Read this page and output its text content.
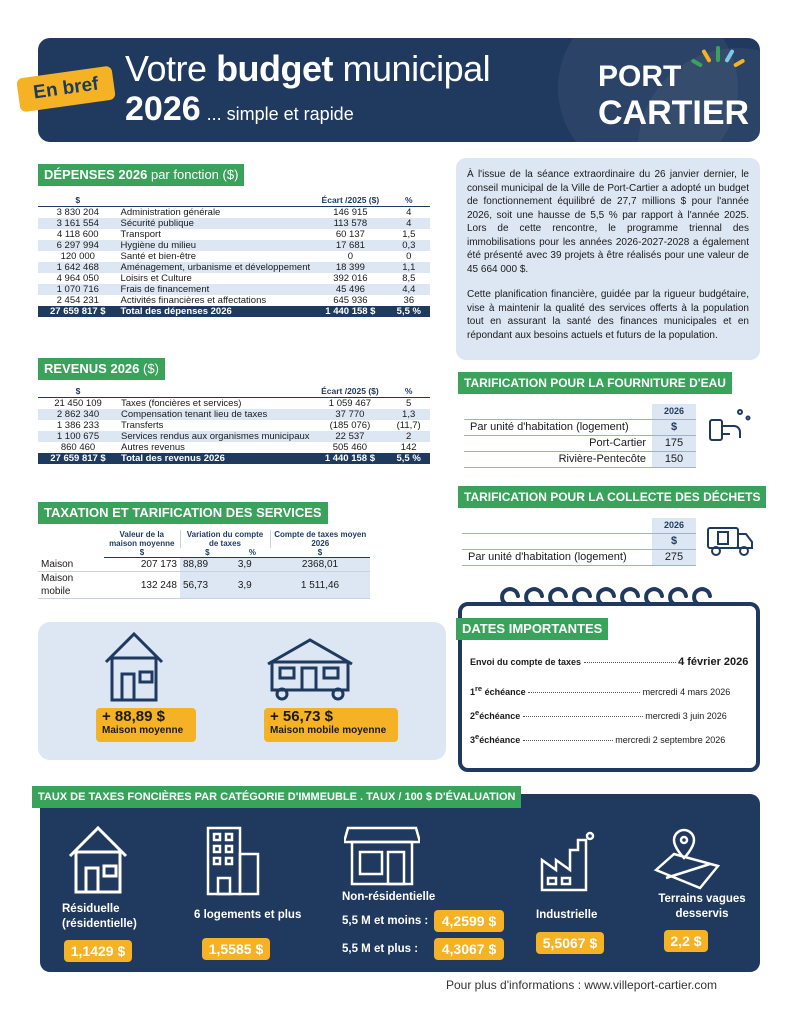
Votre budget municipal
2026 ... simple et rapide
PORT
CARTIER
En bref
DÉPENSES 2026 par fonction ($)
$		Écart /2025 ($)	%
3 830 204	Administration générale	146 915	4
3 161 554	Sécurité publique	113 578	4
4 118 600	Transport	60 137	1,5
6 297 994	Hygiène du milieu	17 681	0,3
120 000	Santé et bien-être	0	0
1 642 468	Aménagement, urbanisme et développement	18 399	1,1
4 964 050	Loisirs et Culture	392 016	8,5
1 070 716	Frais de financement	45 496	4,4
2 454 231	Activités financières et affectations	645 936	36
27 659 817 $	Total des dépenses 2026	1 440 158 $	5,5 %
REVENUS 2026 ($)
$		Écart /2025 ($)	%
21 450 109	Taxes (foncières et services)	1 059 467	5
2 862 340	Compensation tenant lieu de taxes	37 770	1,3
1 386 233	Transferts	(185 076)	(11,7)
1 100 675	Services rendus aux organismes municipaux	22 537	2
860 460	Autres revenus	505 460	142
27 659 817 $	Total des revenus 2026	1 440 158 $	5,5 %

À l'issue de la séance extraordinaire du 26 janvier dernier, le conseil municipal de la Ville de Port-Cartier a adopté un budget de fonctionnement équilibré de 27,7 millions $ pour l'année 2026, soit une hausse de 5,5 % par rapport à l'année 2025. Lors de cette rencontre, le programme triennal des immobilisations pour les années 2026-2027-2028 a également été présenté avec 39 projets à être réalisés pour une valeur de 45 664 000 $.

Cette planification financière, guidée par la rigueur budgétaire, vise à maintenir la qualité des services offerts à la population tout en assurant la santé des finances municipales et en répondant aux besoins actuels et futurs de la population.

TARIFICATION POUR LA FOURNITURE D'EAU
	2026
Par unité d'habitation (logement)	$
Port-Cartier	175
Rivière-Pentecôte	150
TARIFICATION POUR LA COLLECTE DES DÉCHETS
	2026
	$
Par unité d'habitation (logement)	275
TAXATION ET TARIFICATION DES SERVICES
	Valeur de la maison moyenne	Variation du compte de taxes		Compte de taxes moyen 2026
	$	$	%	$
Maison	207 173	88,89	3,9	2368,01
Maison mobile	132 248	56,73	3,9	1 511,46
+ 88,89 $
Maison moyenne
+ 56,73 $
Maison mobile moyenne
DATES IMPORTANTES
Envoi du compte de taxes	4 février 2026
1re échéance	mercredi 4 mars 2026
2eéchéance	mercredi 3 juin 2026
3eéchéance	mercredi 2 septembre 2026
TAUX DE TAXES FONCIÈRES PAR CATÉGORIE D'IMMEUBLE . TAUX / 100 $ D'ÉVALUATION
Résiduelle (résidentielle)
1,1429 $
6 logements et plus
1,5585 $
Non-résidentielle
5,5 M et moins : 4,2599 $
5,5 M et plus :	4,3067 $
Industrielle
5,5067 $
Terrains vagues desservis
2,2 $
Pour plus d'informations : www.villeport-cartier.com
